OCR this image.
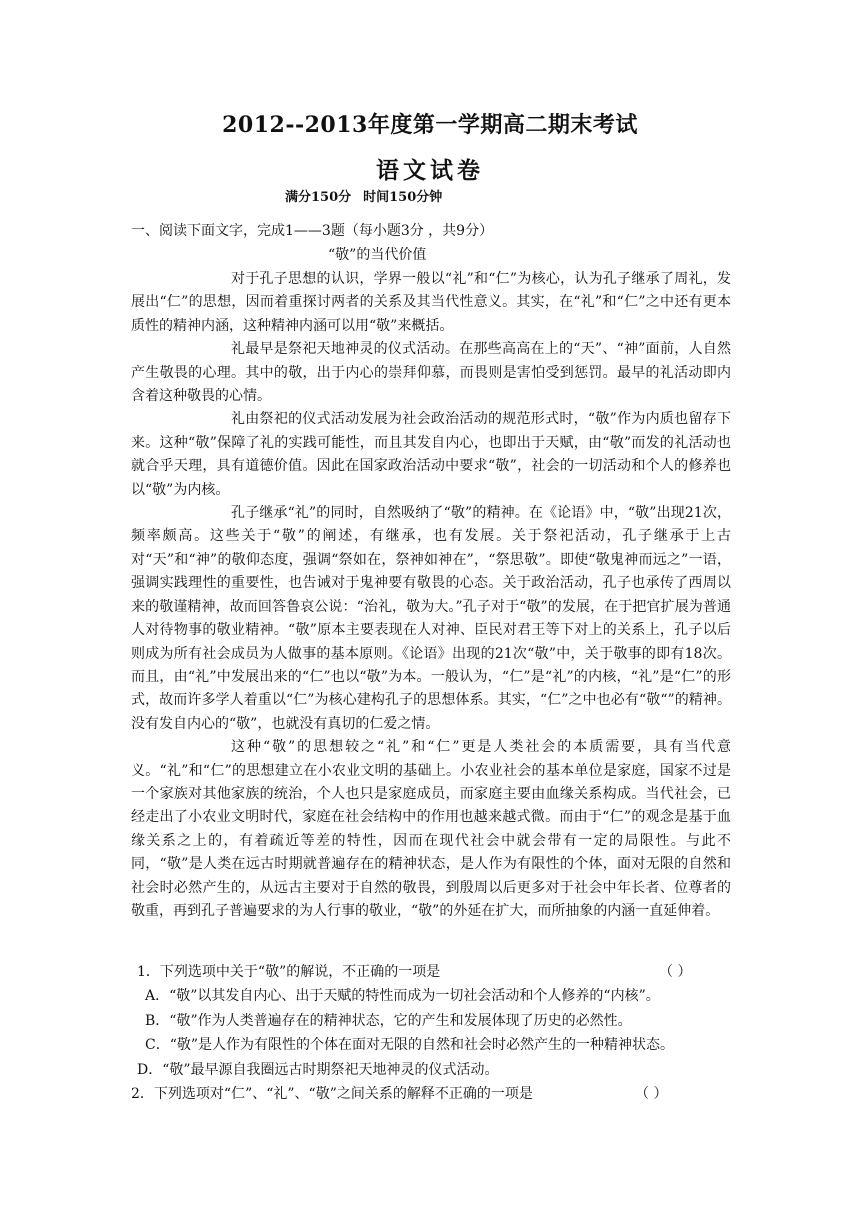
2012--2013年度第一学期高二期末考试
语文试卷
满分150分 时间150分钟
一、阅读下面文字，完成1——3题（每小题3分 ，共9分）
“敬”的当代价值

对于孔子思想的认识，学界一般以“礼”和“仁”为核心，认为孔子继承了周礼，发展出“仁”的思想，因而着重探讨两者的关系及其当代性意义。其实，在“礼”和“仁”之中还有更本质性的精神内涵，这种精神内涵可以用“敬”来概括。

礼最早是祭祀天地神灵的仪式活动。在那些高高在上的“天”、“神”面前，人自然产生敬畏的心理。其中的敬，出于内心的崇拜仰慕，而畏则是害怕受到惩罚。最早的礼活动即内含着这种敬畏的心情。

礼由祭祀的仪式活动发展为社会政治活动的规范形式时，“敬”作为内质也留存下来。这种“敬”保障了礼的实践可能性，而且其发自内心，也即出于天赋，由“敬”而发的礼活动也就合乎天理，具有道德价值。因此在国家政治活动中要求“敬”，社会的一切活动和个人的修养也以“敬”为内核。

孔子继承“礼”的同时，自然吸纳了“敬”的精神。在《论语》中，“敬”出现21次，频率颇高。这些关于“敬”的阐述，有继承，也有发展。关于祭祀活动，孔子继承于上古对“天”和“神”的敬仰态度，强调“祭如在，祭神如神在”，“祭思敬”。即使“敬鬼神而远之”一语，强调实践理性的重要性，也告诫对于鬼神要有敬畏的心态。关于政治活动，孔子也承传了西周以来的敬谨精神，故而回答鲁哀公说：“治礼，敬为大。”孔子对于“敬”的发展，在于把官扩展为普通人对待物事的敬业精神。“敬”原本主要表现在人对神、臣民对君王等下对上的关系上，孔子以后则成为所有社会成员为人做事的基本原则。《论语》出现的21次“敬”中，关于敬事的即有18次。而且，由“礼”中发展出来的“仁”也以“敬”为本。一般认为，“仁”是“礼”的内核，“礼”是“仁”的形式，故而许多学人着重以“仁”为核心建构孔子的思想体系。其实，“仁”之中也必有“敬“”的精神。没有发自内心的“敬”，也就没有真切的仁爱之情。

这种“敬”的思想较之“礼”和“仁”更是人类社会的本质需要，具有当代意义。“礼”和“仁”的思想建立在小农业文明的基础上。小农业社会的基本单位是家庭，国家不过是一个家族对其他家族的统治，个人也只是家庭成员，而家庭主要由血缘关系构成。当代社会，已经走出了小农业文明时代，家庭在社会结构中的作用也越来越式微。而由于“仁”的观念是基于血缘关系之上的，有着疏近等差的特性，因而在现代社会中就会带有一定的局限性。与此不同，“敬”是人类在远古时期就普遍存在的精神状态，是人作为有限性的个体，面对无限的自然和社会时必然产生的，从远古主要对于自然的敬畏，到殷周以后更多对于社会中年长者、位尊者的敬重，再到孔子普遍要求的为人行事的敬业，“敬”的外延在扩大，而所抽象的内涵一直延伸着。

1．下列选项中关于“敬”的解说，不正确的一项是	（ ）
A．“敬”以其发自内心、出于天赋的特性而成为一切社会活动和个人修养的“内核”。
B．“敬”作为人类普遍存在的精神状态，它的产生和发展体现了历史的必然性。
C．“敬”是人作为有限性的个体在面对无限的自然和社会时必然产生的一种精神状态。
D．“敬”最早源自我圈远古时期祭祀天地神灵的仪式活动。
2．下列选项对“仁”、“礼”、“敬”之间关系的解释不正确的一项是	（ ）
